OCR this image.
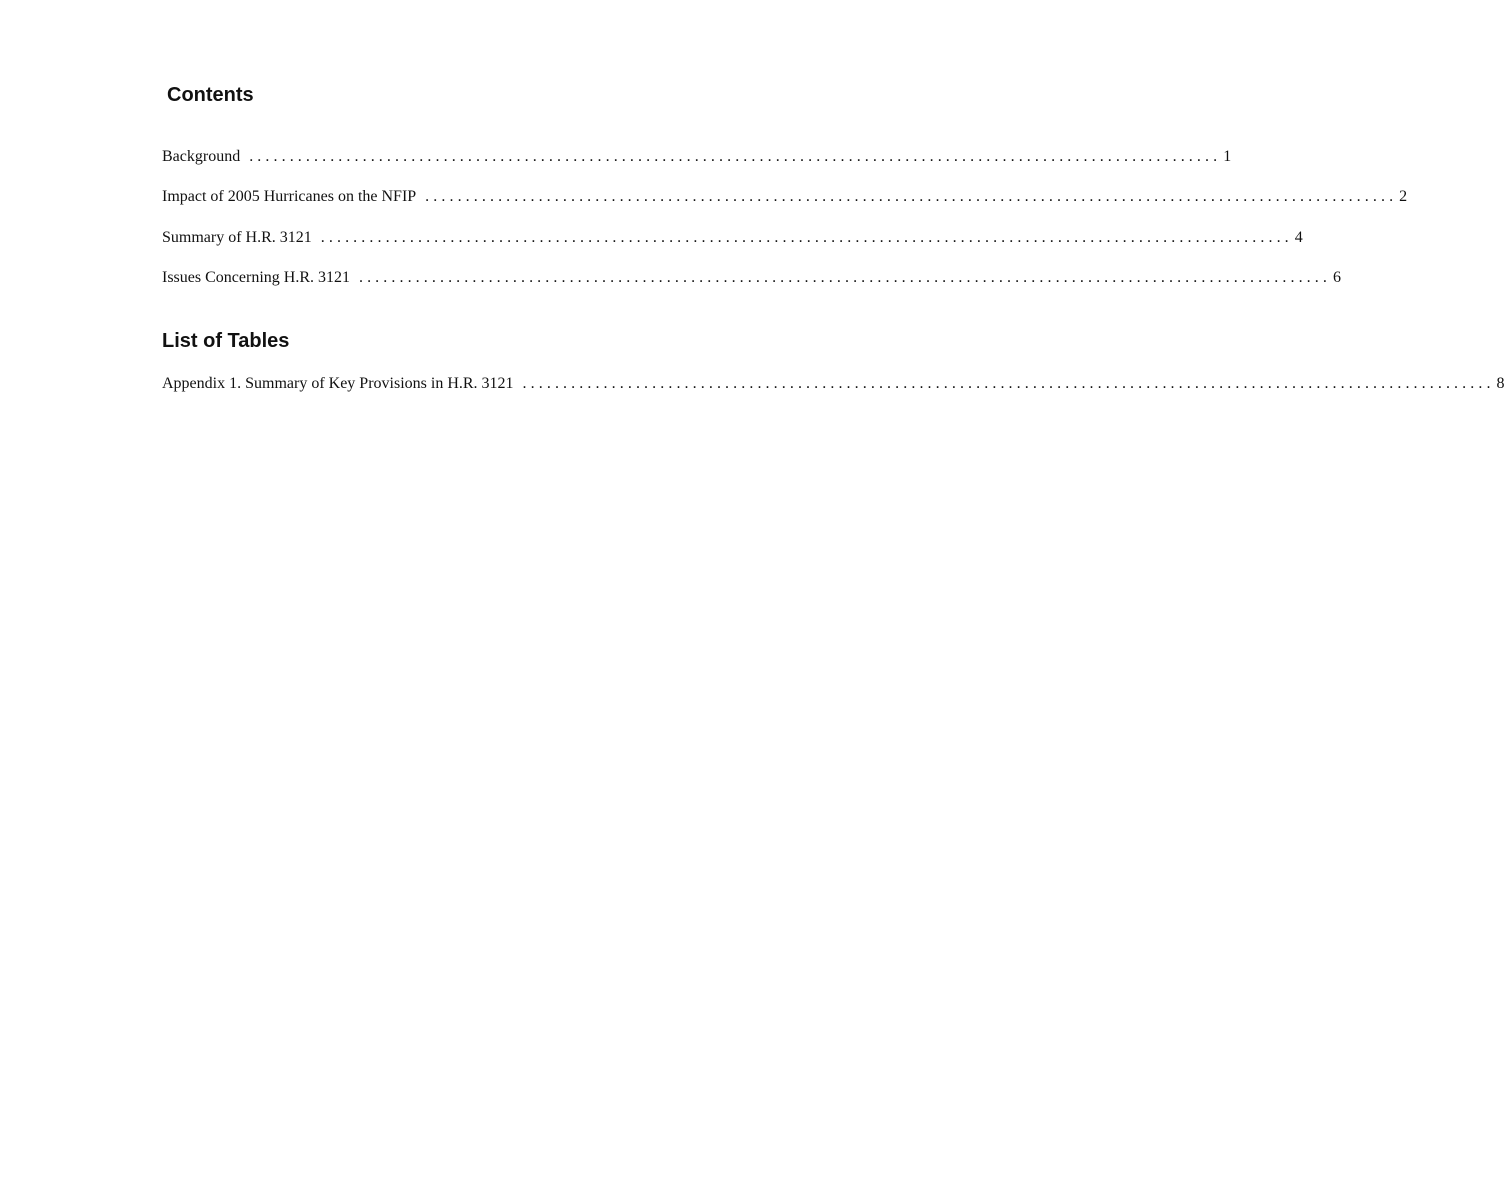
Contents
Background ........................................................................................................................ 1
Impact of 2005 Hurricanes on the NFIP ........................................................................................................................ 2
Summary of H.R. 3121 ........................................................................................................................ 4
Issues Concerning H.R. 3121 ........................................................................................................................ 6
List of Tables
Appendix 1. Summary of Key Provisions in H.R. 3121 ........................................................................................................................ 8
